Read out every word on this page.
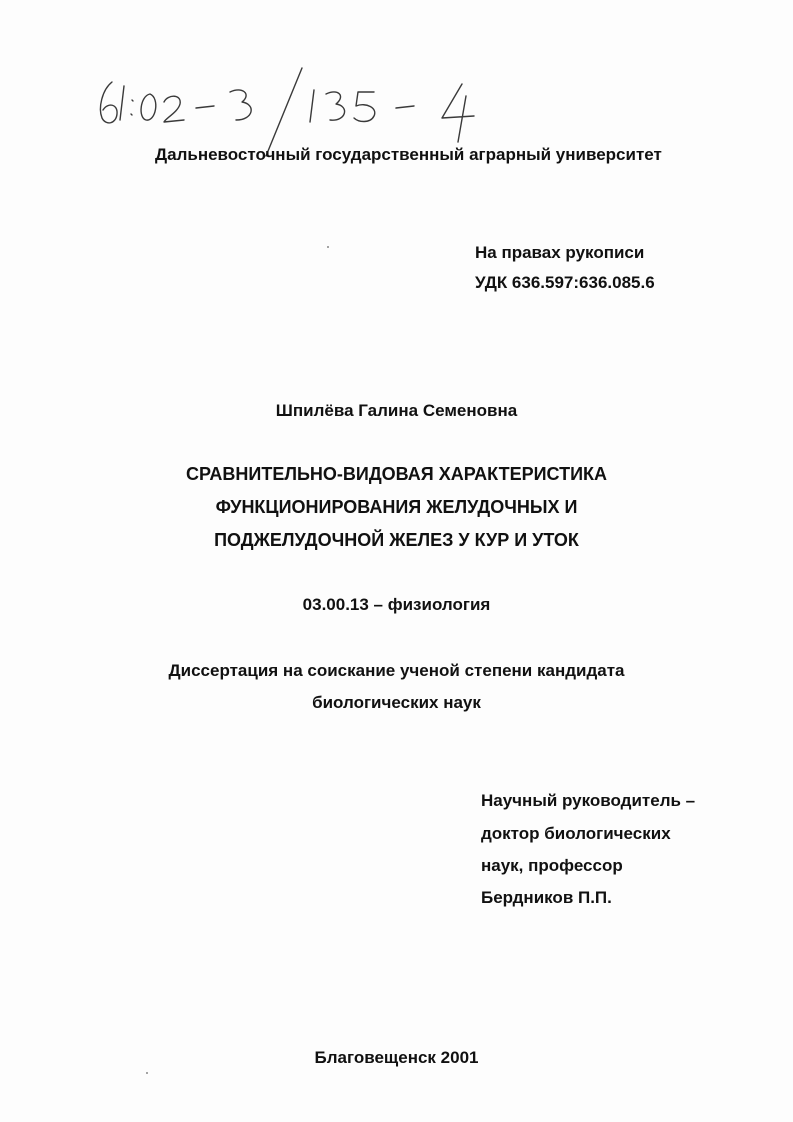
Дальневосточный государственный аграрный университет
На правах рукописи
УДК 636.597:636.085.6
Шпилёва Галина Семеновна
СРАВНИТЕЛЬНО-ВИДОВАЯ ХАРАКТЕРИСТИКА
ФУНКЦИОНИРОВАНИЯ ЖЕЛУДОЧНЫХ И
ПОДЖЕЛУДОЧНОЙ ЖЕЛЕЗ У КУР И УТОК
03.00.13 – физиология
Диссертация на соискание ученой степени кандидата
биологических наук
Научный руководитель –
доктор биологических
наук, профессор
Бердников П.П.
Благовещенск 2001
